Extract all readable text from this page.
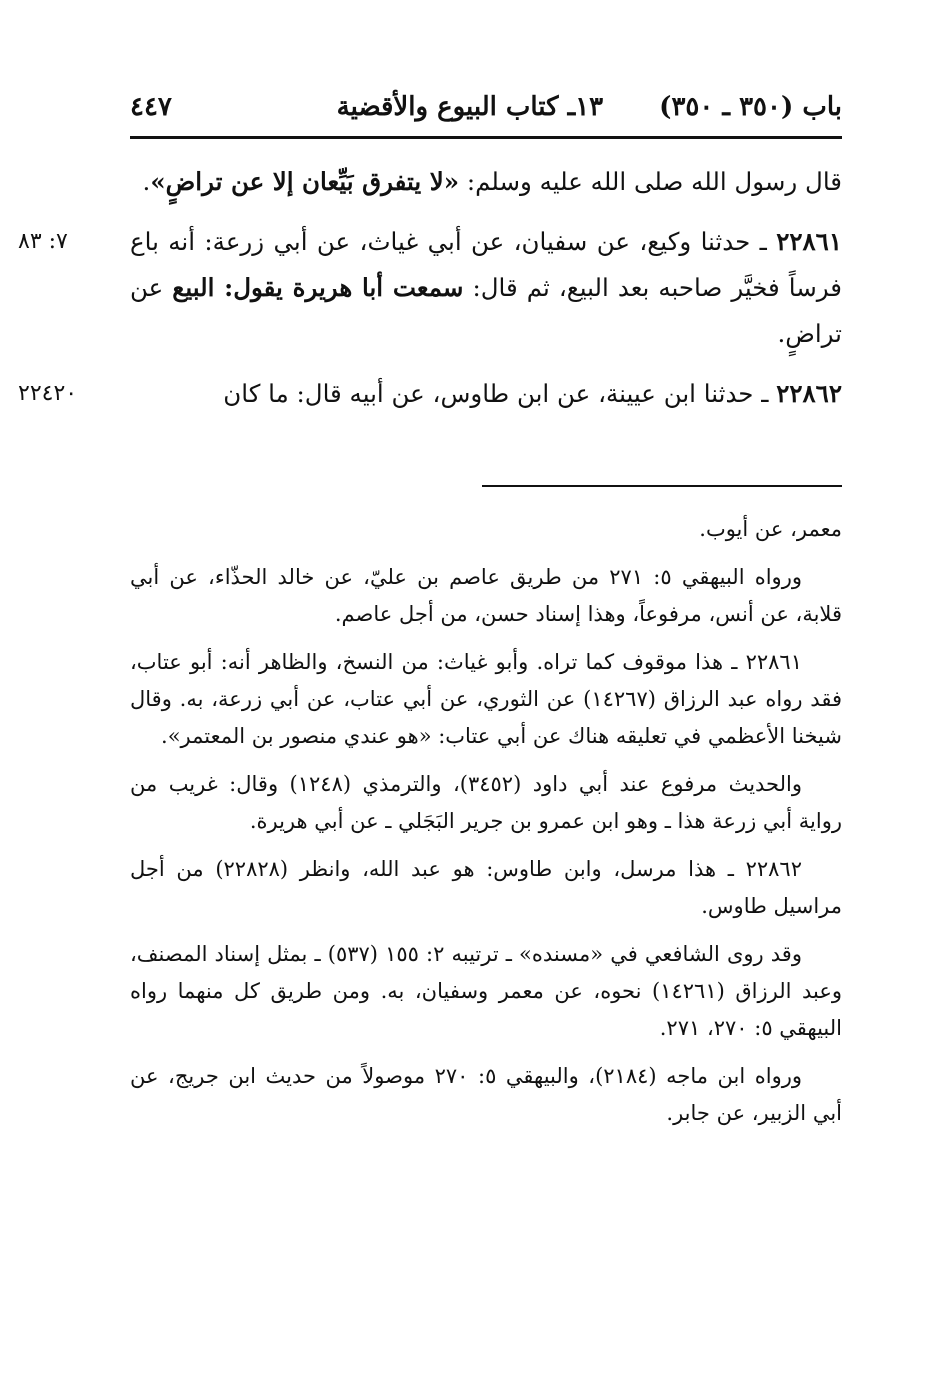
باب (٣٥٠ ـ ٣٥٠)١٣ـ كتاب البيوع والأقضية
٤٤٧

قال رسول الله صلى الله عليه وسلم: «لا يتفرق بَيِّعان إلا عن تراضٍ».

٧: ٨٣	٢٢٨٦١ ـ حدثنا وكيع، عن سفيان، عن أبي غياث، عن أبي زرعة: أنه باع فرساً فخيَّر صاحبه بعد البيع، ثم قال: سمعت أبا هريرة يقول: البيع عن تراضٍ.

٢٢٤٢٠	٢٢٨٦٢ ـ حدثنا ابن عيينة، عن ابن طاوس، عن أبيه قال: ما كان

معمر، عن أيوب.

ورواه البيهقي ٥: ٢٧١ من طريق عاصم بن عليّ، عن خالد الحذّاء، عن أبي قلابة، عن أنس، مرفوعاً، وهذا إسناد حسن، من أجل عاصم.

٢٢٨٦١ ـ هذا موقوف كما تراه. وأبو غياث: من النسخ، والظاهر أنه: أبو عتاب، فقد رواه عبد الرزاق (١٤٢٦٧) عن الثوري، عن أبي عتاب، عن أبي زرعة، به. وقال شيخنا الأعظمي في تعليقه هناك عن أبي عتاب: «هو عندي منصور بن المعتمر».

والحديث مرفوع عند أبي داود (٣٤٥٢)، والترمذي (١٢٤٨) وقال: غريب من رواية أبي زرعة هذا ـ وهو ابن عمرو بن جرير البَجَلي ـ عن أبي هريرة.

٢٢٨٦٢ ـ هذا مرسل، وابن طاوس: هو عبد الله، وانظر (٢٢٨٢٨) من أجل مراسيل طاوس.

وقد روى الشافعي في «مسنده» ـ ترتيبه ٢: ١٥٥ (٥٣٧) ـ بمثل إسناد المصنف، وعبد الرزاق (١٤٢٦١) نحوه، عن معمر وسفيان، به. ومن طريق كل منهما رواه البيهقي ٥: ٢٧٠، ٢٧١.

ورواه ابن ماجه (٢١٨٤)، والبيهقي ٥: ٢٧٠ موصولاً من حديث ابن جريج، عن أبي الزبير، عن جابر.
